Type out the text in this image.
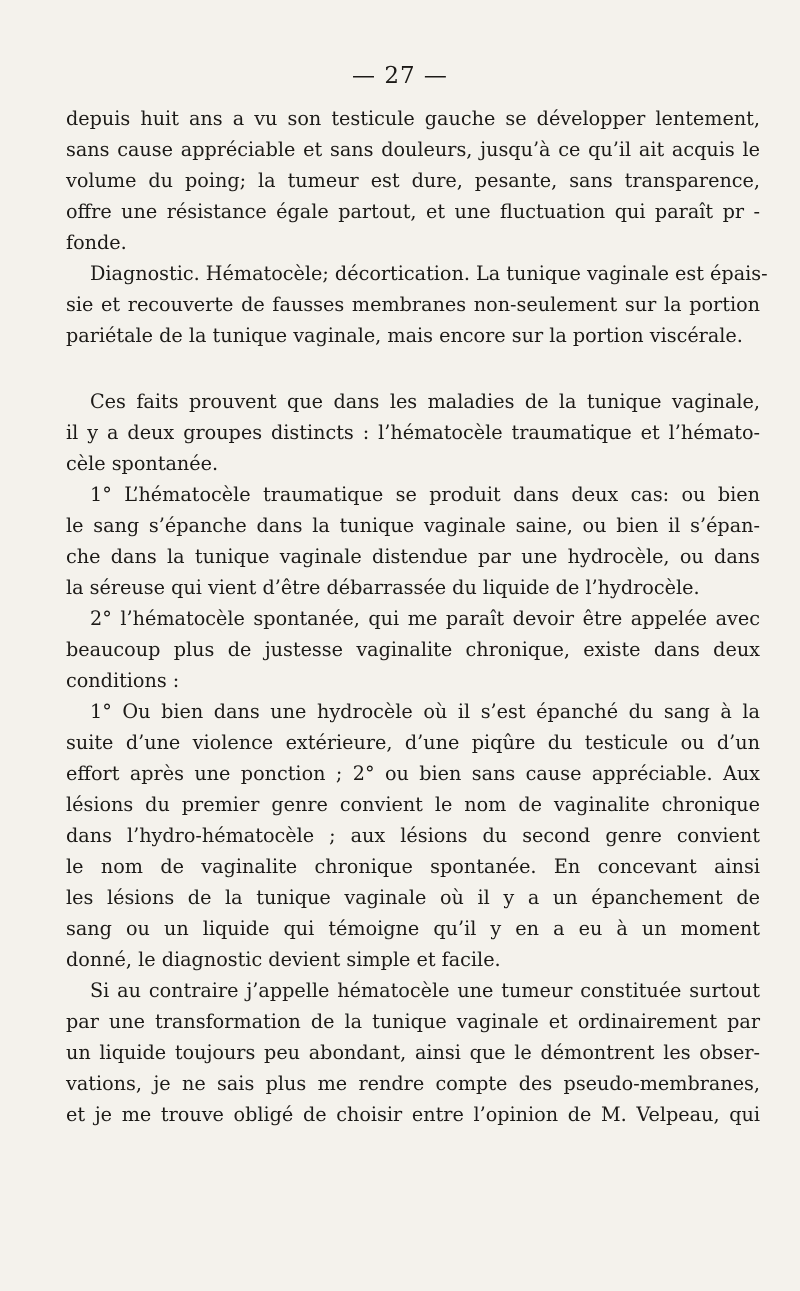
— 27 —
depuis huit ans a vu son testicule gauche se développer lentement,
sans cause appréciable et sans douleurs, jusqu’à ce qu’il ait acquis le
volume du poing; la tumeur est dure, pesante, sans transparence,
offre une résistance égale partout, et une fluctuation qui paraît pr -
fonde.
Diagnostic. Hématocèle; décortication. La tunique vaginale est épais-
sie et recouverte de fausses membranes non-seulement sur la portion
pariétale de la tunique vaginale, mais encore sur la portion viscérale.
Ces faits prouvent que dans les maladies de la tunique vaginale,
il y a deux groupes distincts : l’hématocèle traumatique et l’hémato-
cèle spontanée.
1° L’hématocèle traumatique se produit dans deux cas: ou bien
le sang s’épanche dans la tunique vaginale saine, ou bien il s’épan-
che dans la tunique vaginale distendue par une hydrocèle, ou dans
la séreuse qui vient d’être débarrassée du liquide de l’hydrocèle.
2° l’hématocèle spontanée, qui me paraît devoir être appelée avec
beaucoup plus de justesse vaginalite chronique, existe dans deux
conditions :
1° Ou bien dans une hydrocèle où il s’est épanché du sang à la
suite d’une violence extérieure, d’une piqûre du testicule ou d’un
effort après une ponction ; 2° ou bien sans cause appréciable. Aux
lésions du premier genre convient le nom de vaginalite chronique
dans l’hydro-hématocèle ; aux lésions du second genre convient
le nom de vaginalite chronique spontanée. En concevant ainsi
les lésions de la tunique vaginale où il y a un épanchement de
sang ou un liquide qui témoigne qu’il y en a eu à un moment
donné, le diagnostic devient simple et facile.
Si au contraire j’appelle hématocèle une tumeur constituée surtout
par une transformation de la tunique vaginale et ordinairement par
un liquide toujours peu abondant, ainsi que le démontrent les obser-
vations, je ne sais plus me rendre compte des pseudo-membranes,
et je me trouve obligé de choisir entre l’opinion de M. Velpeau, qui
